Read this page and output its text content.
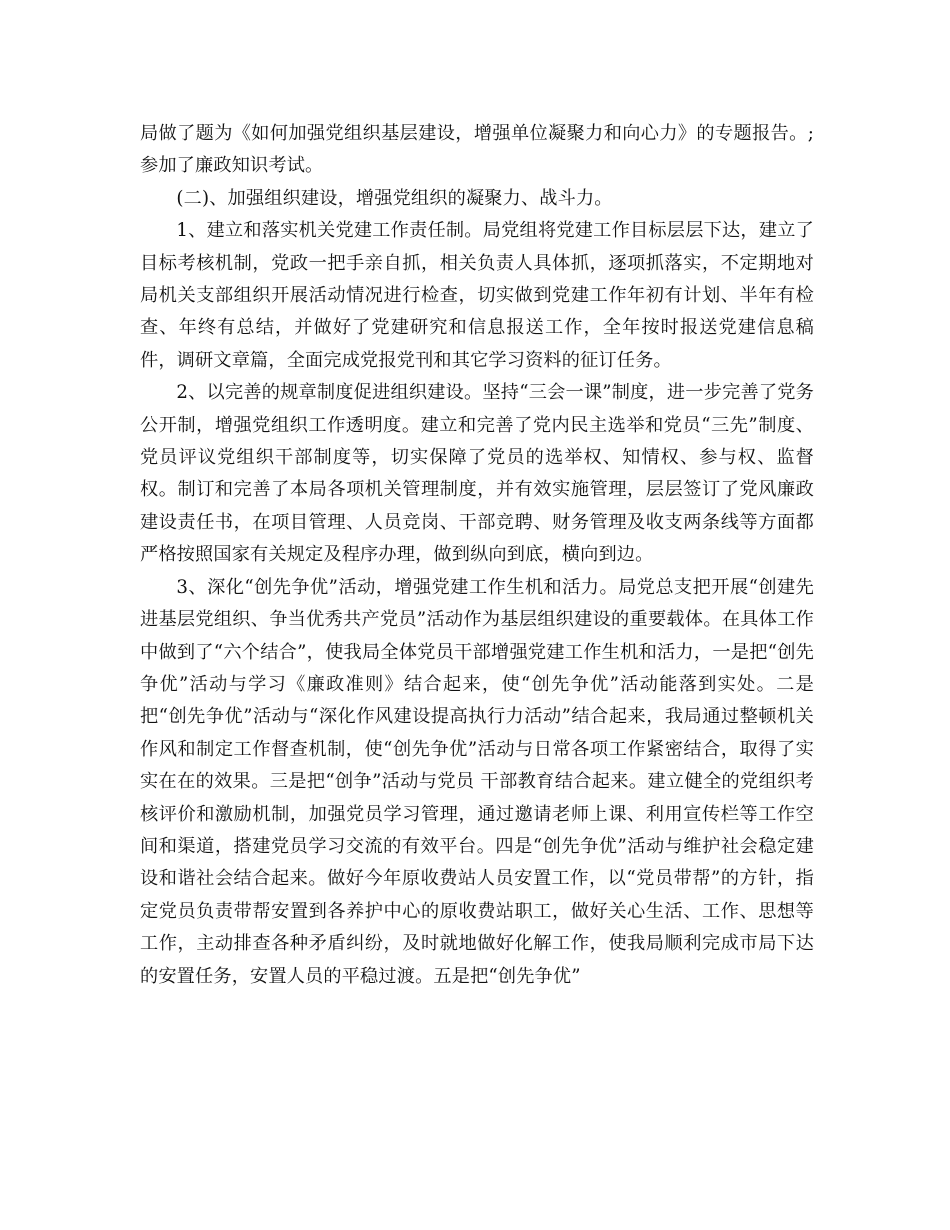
局做了题为《如何加强党组织基层建设，增强单位凝聚力和向心力》的专题报告。;参加了廉政知识考试。

(二)、加强组织建设，增强党组织的凝聚力、战斗力。

1、建立和落实机关党建工作责任制。局党组将党建工作目标层层下达，建立了目标考核机制，党政一把手亲自抓，相关负责人具体抓，逐项抓落实，不定期地对局机关支部组织开展活动情况进行检查，切实做到党建工作年初有计划、半年有检查、年终有总结，并做好了党建研究和信息报送工作，全年按时报送党建信息稿件，调研文章篇，全面完成党报党刊和其它学习资料的征订任务。

2、以完善的规章制度促进组织建设。坚持“三会一课”制度，进一步完善了党务公开制，增强党组织工作透明度。建立和完善了党内民主选举和党员“三先”制度、党员评议党组织干部制度等，切实保障了党员的选举权、知情权、参与权、监督权。制订和完善了本局各项机关管理制度，并有效实施管理，层层签订了党风廉政建设责任书，在项目管理、人员竞岗、干部竞聘、财务管理及收支两条线等方面都严格按照国家有关规定及程序办理，做到纵向到底，横向到边。

3、深化“创先争优”活动，增强党建工作生机和活力。局党总支把开展“创建先进基层党组织、争当优秀共产党员”活动作为基层组织建设的重要载体。在具体工作中做到了“六个结合”，使我局全体党员干部增强党建工作生机和活力，一是把“创先争优”活动与学习《廉政准则》结合起来，使“创先争优”活动能落到实处。二是把“创先争优”活动与“深化作风建设提高执行力活动”结合起来，我局通过整顿机关作风和制定工作督查机制，使“创先争优”活动与日常各项工作紧密结合，取得了实实在在的效果。三是把“创争”活动与党员 干部教育结合起来。建立健全的党组织考核评价和激励机制，加强党员学习管理，通过邀请老师上课、利用宣传栏等工作空间和渠道，搭建党员学习交流的有效平台。四是“创先争优”活动与维护社会稳定建设和谐社会结合起来。做好今年原收费站人员安置工作，以“党员带帮”的方针，指定党员负责带帮安置到各养护中心的原收费站职工，做好关心生活、工作、思想等工作，主动排查各种矛盾纠纷，及时就地做好化解工作，使我局顺利完成市局下达的安置任务，安置人员的平稳过渡。五是把“创先争优”
